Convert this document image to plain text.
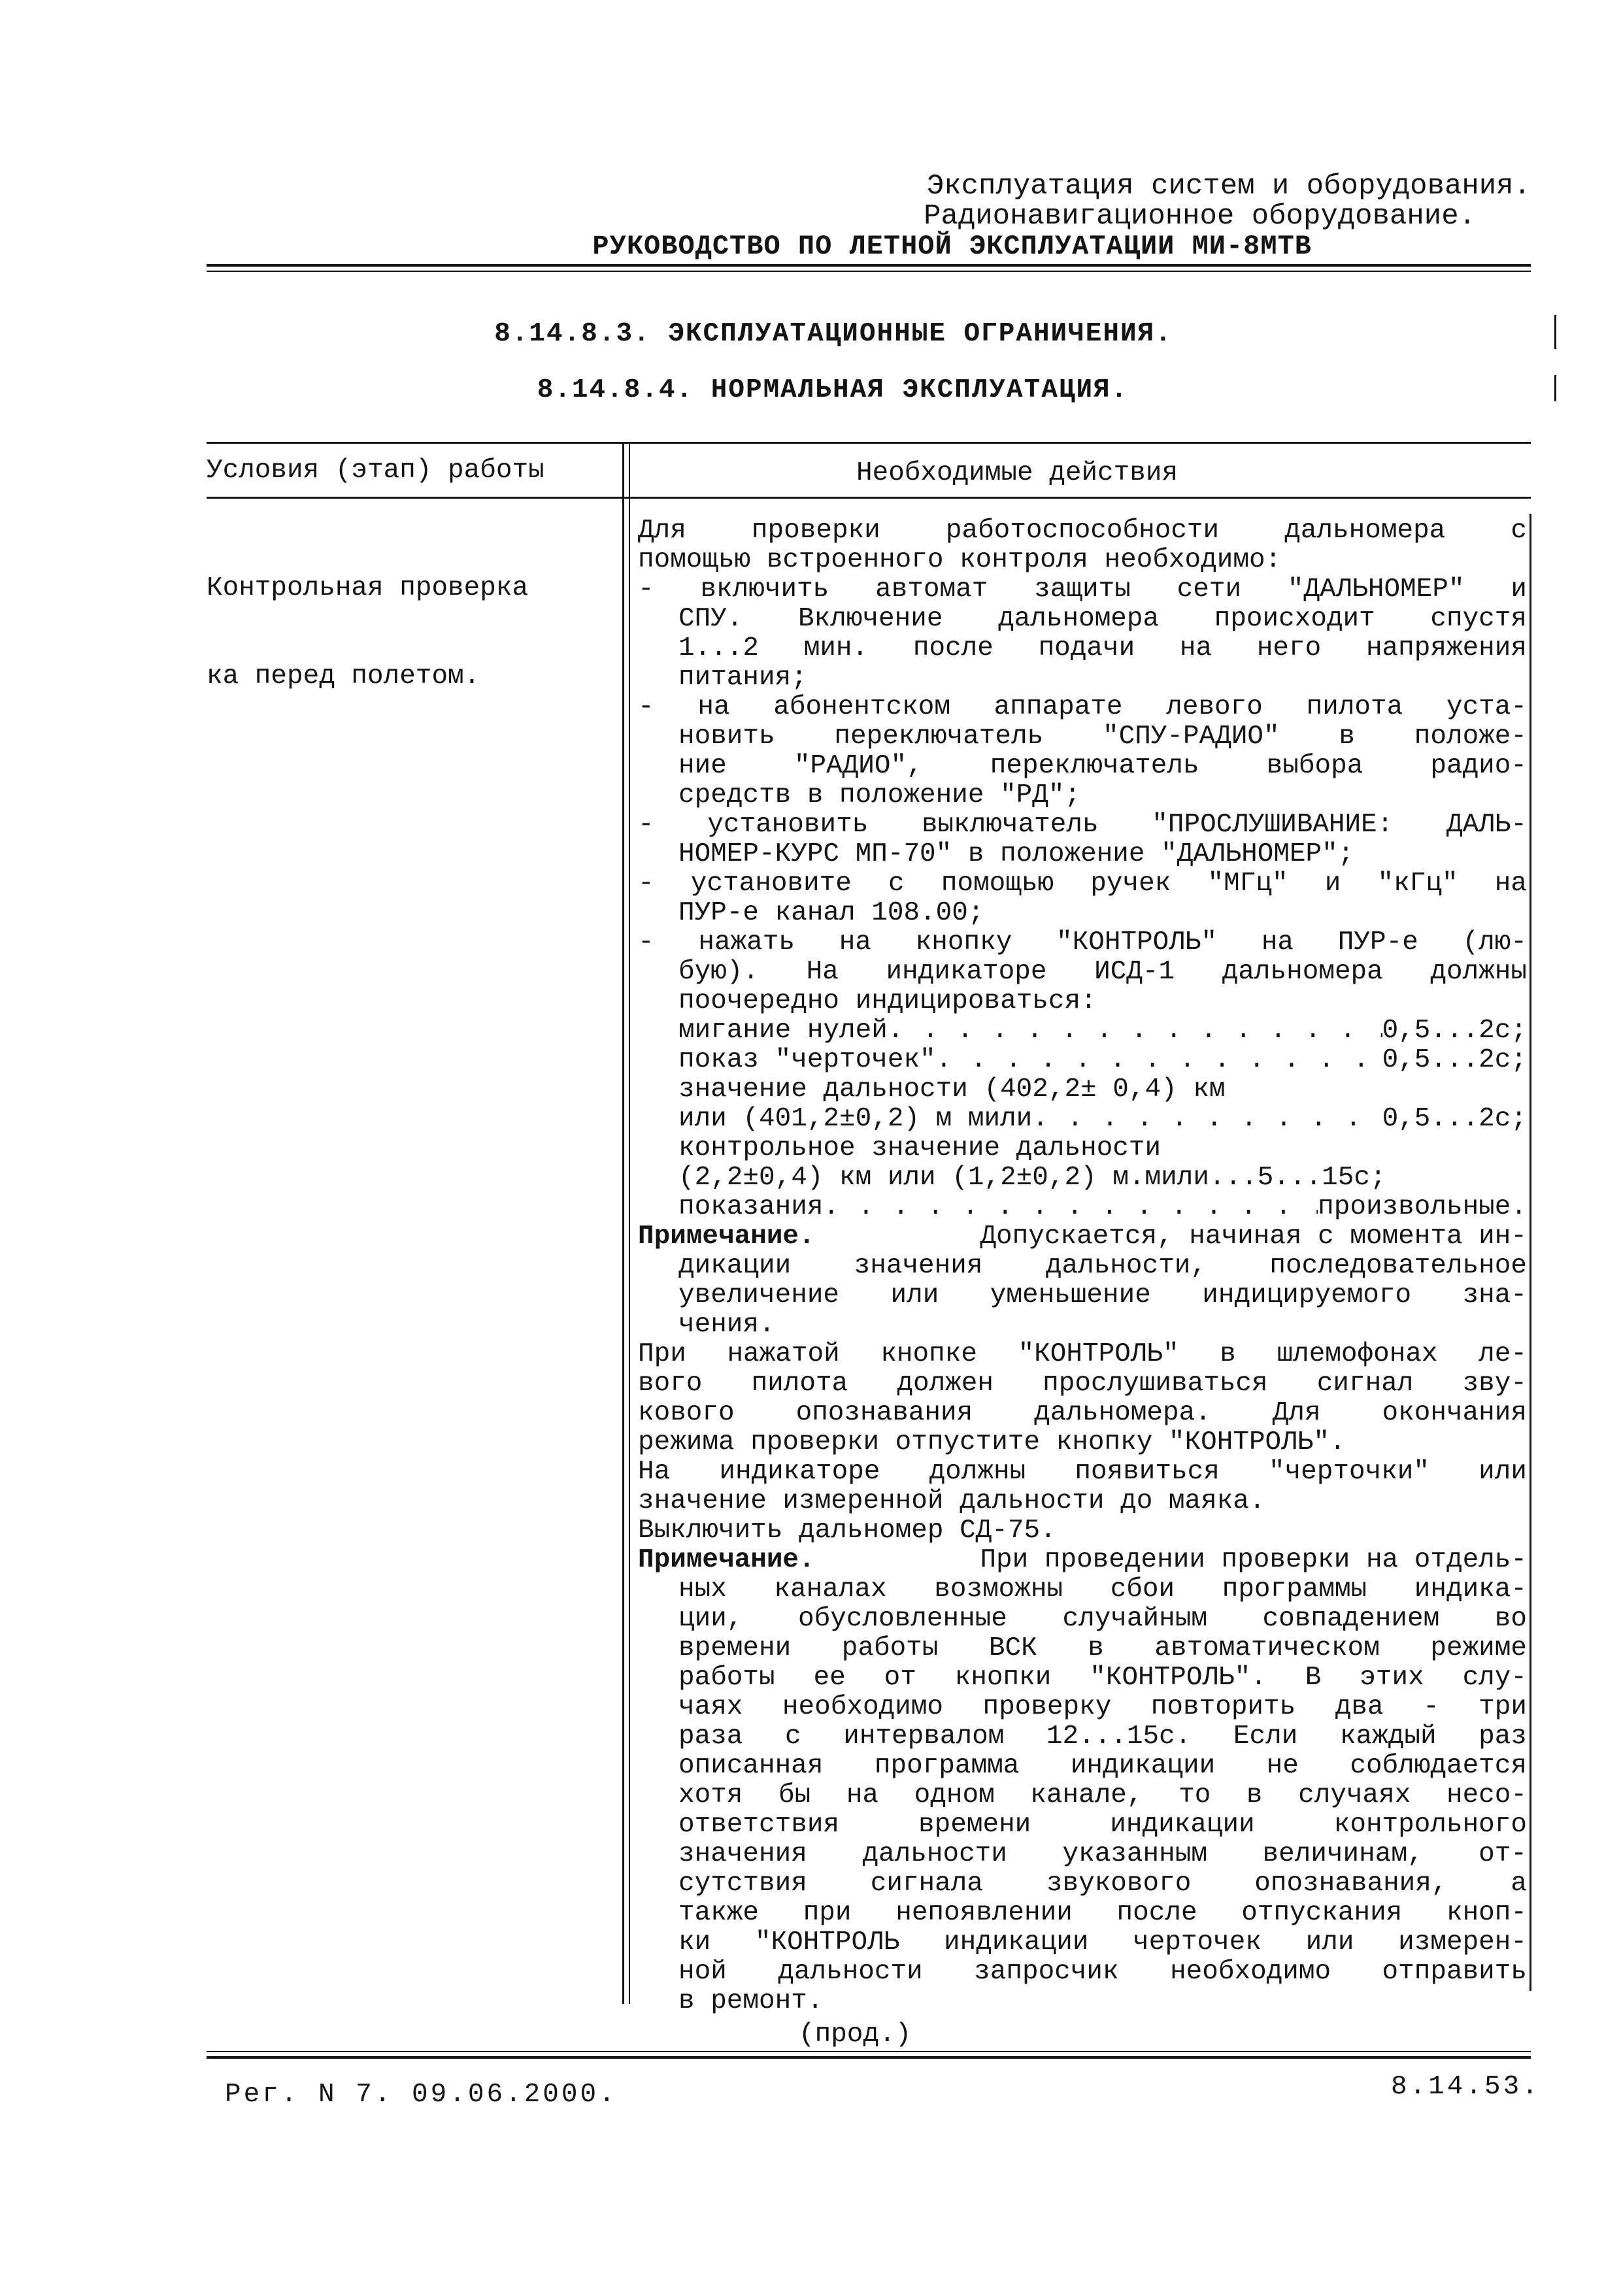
Эксплуатация систем и оборудования.
Радионавигационное оборудование.
РУКОВОДСТВО ПО ЛЕТНОЙ ЭКСПЛУАТАЦИИ МИ-8МТВ
8.14.8.3. ЭКСПЛУАТАЦИОННЫЕ ОГРАНИЧЕНИЯ.
8.14.8.4. НОРМАЛЬНАЯ ЭКСПЛУАТАЦИЯ.
Условия (этап) работы	Необходимые действия

Контрольная проверка

ка перед полетом.

Для проверки работоспособности дальномера с
помощью встроенного контроля необходимо:
- включить автомат защиты сети "ДАЛЬНОМЕР" и
СПУ. Включение дальномера происходит спустя
1...2 мин. после подачи на него напряжения
питания;
- на абонентском аппарате левого пилота уста-
новить переключатель "СПУ-РАДИО" в положе-
ние "РАДИО", переключатель выбора радио-
средств в положение "РД";
- установить выключатель "ПРОСЛУШИВАНИЕ: ДАЛЬ-
НОМЕР-КУРС МП-70" в положение "ДАЛЬНОМЕР";
- установите с помощью ручек "МГц" и "кГц" на
ПУР-е канал 108.00;
- нажать на кнопку "КОНТРОЛЬ" на ПУР-е (лю-
бую). На индикаторе ИСД-1 дальномера должны
поочередно индицироваться:
мигание нулей . . .	0,5...2с;
показ "черточек" . . .	0,5...2с;
значение дальности (402,2± 0,4) км
или (401,2±0,2) м мили . . .	0,5...2с;
контрольное значение дальности
(2,2±0,4) км или (1,2±0,2) м.мили...5...15с;
показания . . .	произвольные.
Примечание.	Допускается, начиная с момента ин-
дикации значения дальности, последовательное
увеличение или уменьшение индицируемого зна-
чения.
При нажатой кнопке "КОНТРОЛЬ" в шлемофонах ле-
вого пилота должен прослушиваться сигнал зву-
кового опознавания дальномера. Для окончания
режима проверки отпустите кнопку "КОНТРОЛЬ".
На индикаторе должны появиться "черточки" или
значение измеренной дальности до маяка.
Выключить дальномер СД-75.
Примечание.	При проведении проверки на отдель-
ных каналах возможны сбои программы индика-
ции, обусловленные случайным совпадением во
времени работы ВСК в автоматическом режиме
работы ее от кнопки "КОНТРОЛЬ". В этих слу-
чаях необходимо проверку повторить два - три
раза с интервалом 12...15с. Если каждый раз
описанная программа индикации не соблюдается
хотя бы на одном канале, то в случаях несо-
ответствия времени индикации контрольного
значения дальности указанным величинам, от-
сутствия сигнала звукового опознавания, а
также при непоявлении после отпускания кноп-
ки "КОНТРОЛЬ индикации черточек или измерен-
ной дальности запросчик необходимо отправить
в ремонт.
(прод.)
Рег. N 7. 09.06.2000.	8.14.53.
